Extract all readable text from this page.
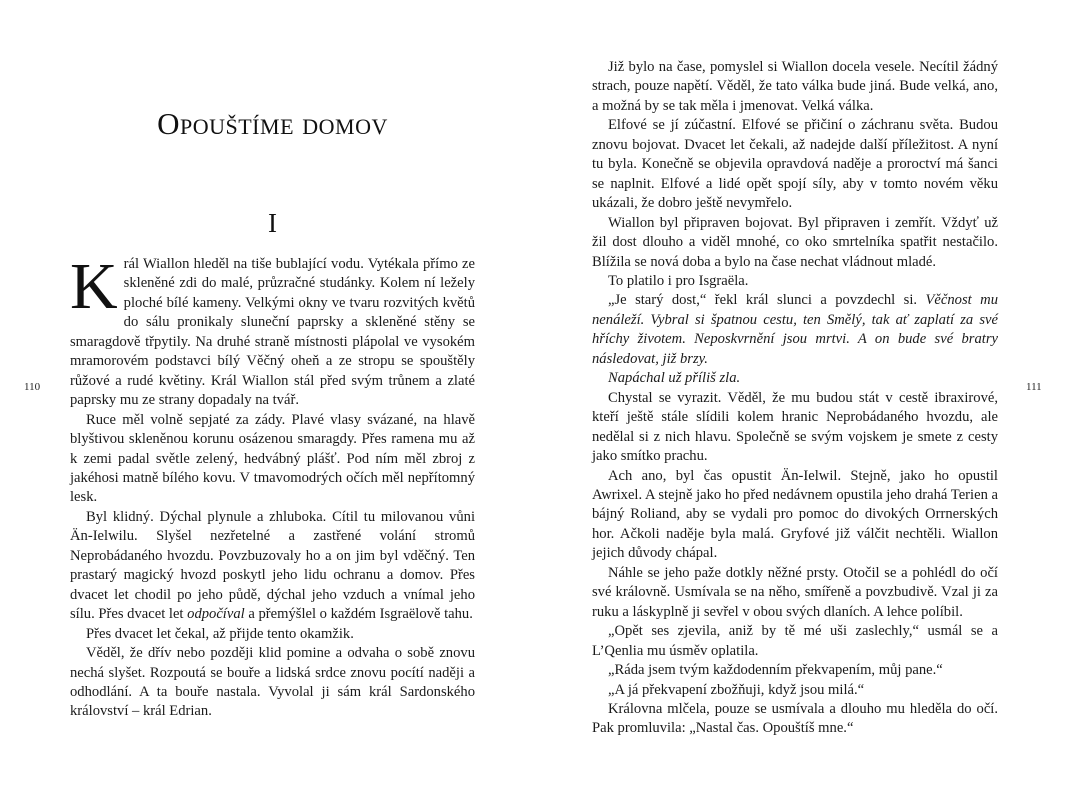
110
Opouštíme domov
I

Král Wiallon hleděl na tiše bublající vodu. Vytékala přímo ze skleněné zdi do malé, průzračné studánky. Kolem ní ležely ploché bílé kameny. Velkými okny ve tvaru rozvitých květů do sálu pronikaly sluneční paprsky a skleněné stěny se smaragdově třpytily. Na druhé straně místnosti plápolal ve vysokém mramorovém podstavci bílý Věčný oheň a ze stropu se spouštěly růžové a rudé květiny. Král Wiallon stál před svým trůnem a zlaté paprsky mu ze strany dopadaly na tvář.

Ruce měl volně sepjaté za zády. Plavé vlasy svázané, na hlavě blyštivou skleněnou korunu osázenou smaragdy. Přes ramena mu až k zemi padal světle zelený, hedvábný plášť. Pod ním měl zbroj z jakéhosi matně bílého kovu. V tmavomodrých očích měl nepřítomný lesk.

Byl klidný. Dýchal plynule a zhluboka. Cítil tu milovanou vůni Än-Ielwilu. Slyšel nezřetelné a zastřené volání stromů Neprobádaného hvozdu. Povzbuzovaly ho a on jim byl vděčný. Ten prastarý magický hvozd poskytl jeho lidu ochranu a domov. Přes dvacet let chodil po jeho půdě, dýchal jeho vzduch a vnímal jeho sílu. Přes dvacet let odpočíval a přemýšlel o každém Isgraëlově tahu.

Přes dvacet let čekal, až přijde tento okamžik.

Věděl, že dřív nebo později klid pomine a odvaha o sobě znovu nechá slyšet. Rozpoutá se bouře a lidská srdce znovu pocítí naději a odhodlání. A ta bouře nastala. Vyvolal ji sám král Sardonského království – král Edrian.

111

Již bylo na čase, pomyslel si Wiallon docela vesele. Necítil žádný strach, pouze napětí. Věděl, že tato válka bude jiná. Bude velká, ano, a možná by se tak měla i jmenovat. Velká válka.

Elfové se jí zúčastní. Elfové se přičiní o záchranu světa. Budou znovu bojovat. Dvacet let čekali, až nadejde další příležitost. A nyní tu byla. Konečně se objevila opravdová naděje a proroctví má šanci se naplnit. Elfové a lidé opět spojí síly, aby v tomto novém věku ukázali, že dobro ještě nevymřelo.

Wiallon byl připraven bojovat. Byl připraven i zemřít. Vždyť už žil dost dlouho a viděl mnohé, co oko smrtelníka spatřit nestačilo. Blížila se nová doba a bylo na čase nechat vládnout mladé.

To platilo i pro Isgraëla.

„Je starý dost,“ řekl král slunci a povzdechl si. Věčnost mu nenáleží. Vybral si špatnou cestu, ten Smělý, tak ať zaplatí za své hříchy životem. Neposkvrnění jsou mrtvi. A on bude své bratry následovat, již brzy.

Napáchal už příliš zla.

Chystal se vyrazit. Věděl, že mu budou stát v cestě ibraxirové, kteří ještě stále slídili kolem hranic Neprobádaného hvozdu, ale nedělal si z nich hlavu. Společně se svým vojskem je smete z cesty jako smítko prachu.

Ach ano, byl čas opustit Än-Ielwil. Stejně, jako ho opustil Awrixel. A stejně jako ho před nedávnem opustila jeho drahá Terien a bájný Roliand, aby se vydali pro pomoc do divokých Orrnerských hor. Ačkoli naděje byla malá. Gryfové již válčit nechtěli. Wiallon jejich důvody chápal.

Náhle se jeho paže dotkly něžné prsty. Otočil se a pohlédl do očí své královně. Usmívala se na něho, smířeně a povzbudivě. Vzal ji za ruku a láskyplně ji sevřel v obou svých dlaních. A lehce políbil.

„Opět ses zjevila, aniž by tě mé uši zaslechly,“ usmál se a L’Qenlia mu úsměv oplatila.

„Ráda jsem tvým každodenním překvapením, můj pane.“

„A já překvapení zbožňuji, když jsou milá.“

Královna mlčela, pouze se usmívala a dlouho mu hleděla do očí. Pak promluvila: „Nastal čas. Opouštíš mne.“
